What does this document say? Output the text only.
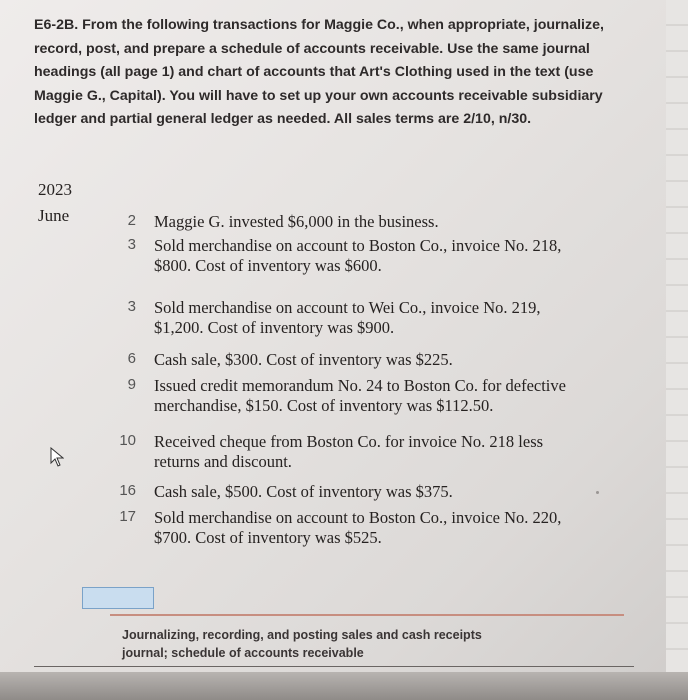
E6-2B. From the following transactions for Maggie Co., when appropriate, journalize,
record, post, and prepare a schedule of accounts receivable. Use the same journal
headings (all page 1) and chart of accounts that Art's Clothing used in the text (use
Maggie G., Capital). You will have to set up your own accounts receivable subsidiary
ledger and partial general ledger as needed. All sales terms are 2/10, n/30.
2023
June	2 Maggie G. invested $6,000 in the business.
3 Sold merchandise on account to Boston Co., invoice No. 218,
$800. Cost of inventory was $600.
3 Sold merchandise on account to Wei Co., invoice No. 219,
$1,200. Cost of inventory was $900.
6 Cash sale, $300. Cost of inventory was $225.
9 Issued credit memorandum No. 24 to Boston Co. for defective
merchandise, $150. Cost of inventory was $112.50.
10 Received cheque from Boston Co. for invoice No. 218 less
returns and discount.
16 Cash sale, $500. Cost of inventory was $375.
17 Sold merchandise on account to Boston Co., invoice No. 220,
$700. Cost of inventory was $525.
Journalizing, recording, and posting sales and cash receipts
journal; schedule of accounts receivable
